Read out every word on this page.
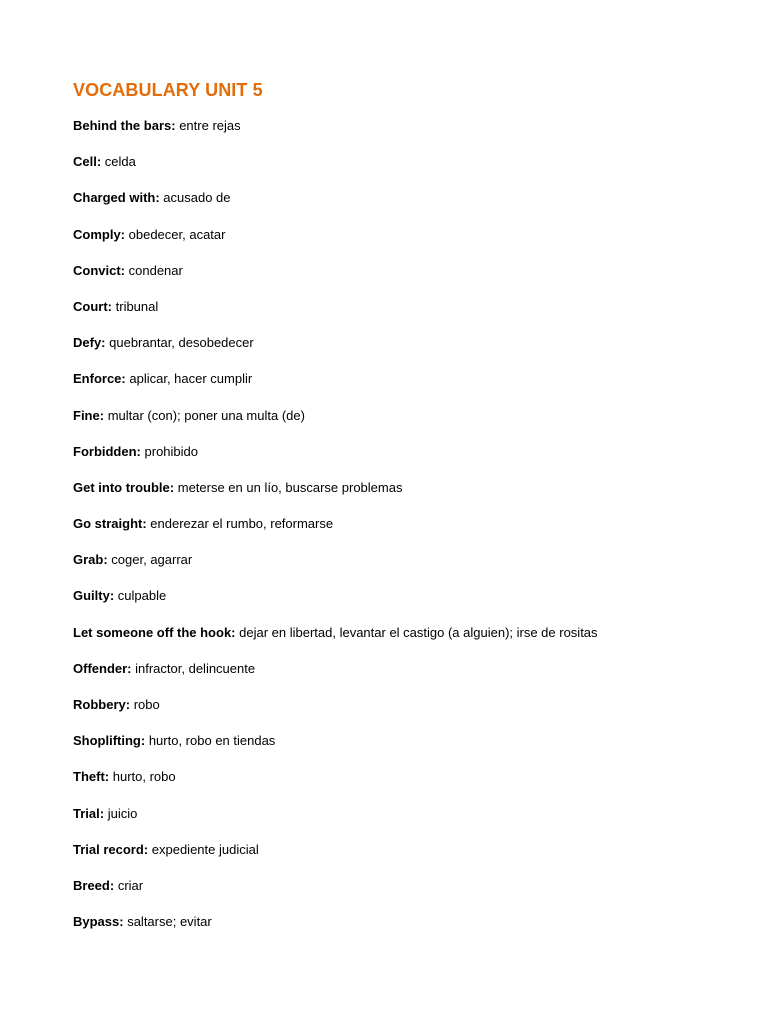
VOCABULARY UNIT 5
Behind the bars: entre rejas
Cell: celda
Charged with: acusado de
Comply: obedecer, acatar
Convict: condenar
Court: tribunal
Defy: quebrantar, desobedecer
Enforce: aplicar, hacer cumplir
Fine: multar (con); poner una multa (de)
Forbidden: prohibido
Get into trouble: meterse en un lío, buscarse problemas
Go straight: enderezar el rumbo, reformarse
Grab: coger, agarrar
Guilty: culpable
Let someone off the hook: dejar en libertad, levantar el castigo (a alguien); irse de rositas
Offender: infractor, delincuente
Robbery: robo
Shoplifting: hurto, robo en tiendas
Theft: hurto, robo
Trial: juicio
Trial record: expediente judicial
Breed: criar
Bypass: saltarse; evitar
